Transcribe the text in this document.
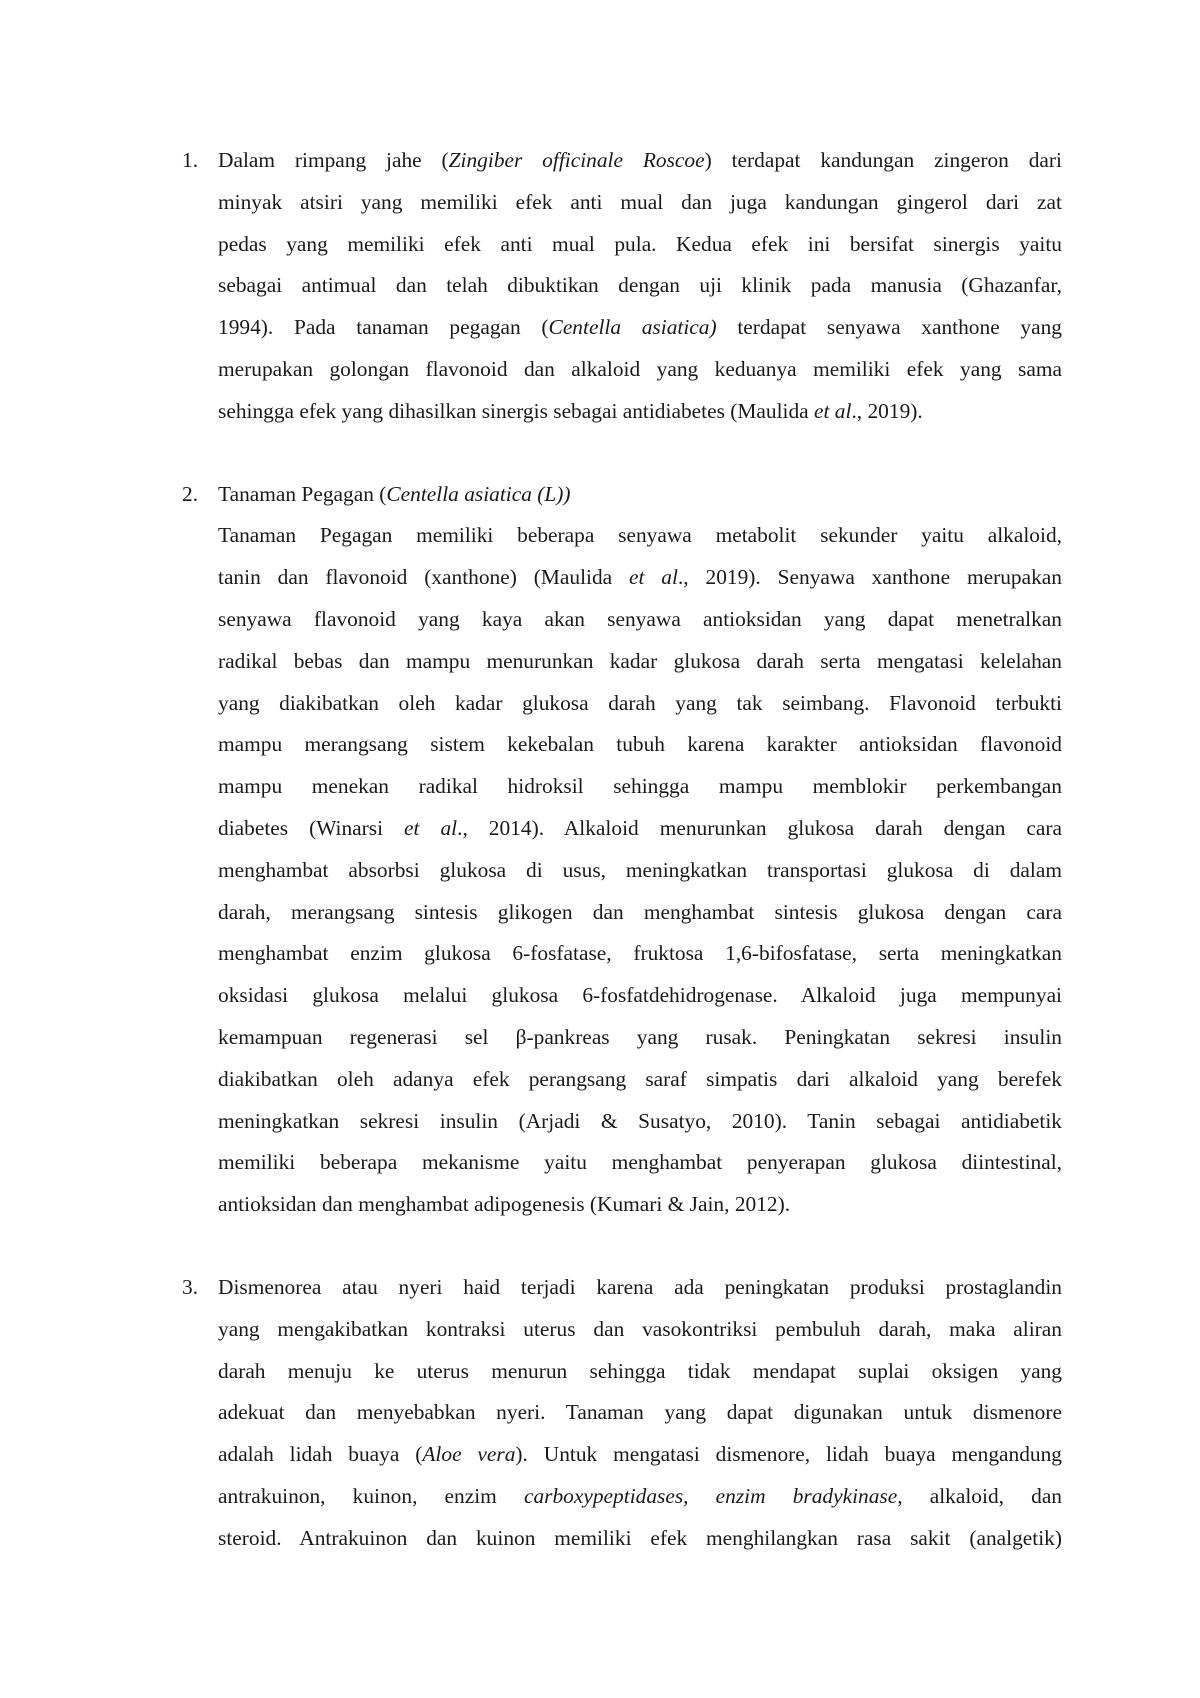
1. Dalam rimpang jahe (Zingiber officinale Roscoe) terdapat kandungan zingeron dari
minyak atsiri yang memiliki efek anti mual dan juga kandungan gingerol dari zat
pedas yang memiliki efek anti mual pula. Kedua efek ini bersifat sinergis yaitu
sebagai antimual dan telah dibuktikan dengan uji klinik pada manusia (Ghazanfar,
1994). Pada tanaman pegagan (Centella asiatica) terdapat senyawa xanthone yang
merupakan golongan flavonoid dan alkaloid yang keduanya memiliki efek yang sama
sehingga efek yang dihasilkan sinergis sebagai antidiabetes (Maulida et al., 2019).
2. Tanaman Pegagan (Centella asiatica (L))
Tanaman Pegagan memiliki beberapa senyawa metabolit sekunder yaitu alkaloid,
tanin dan flavonoid (xanthone) (Maulida et al., 2019). Senyawa xanthone merupakan
senyawa flavonoid yang kaya akan senyawa antioksidan yang dapat menetralkan
radikal bebas dan mampu menurunkan kadar glukosa darah serta mengatasi kelelahan
yang diakibatkan oleh kadar glukosa darah yang tak seimbang. Flavonoid terbukti
mampu merangsang sistem kekebalan tubuh karena karakter antioksidan flavonoid
mampu menekan radikal hidroksil sehingga mampu memblokir perkembangan
diabetes (Winarsi et al., 2014). Alkaloid menurunkan glukosa darah dengan cara
menghambat absorbsi glukosa di usus, meningkatkan transportasi glukosa di dalam
darah, merangsang sintesis glikogen dan menghambat sintesis glukosa dengan cara
menghambat enzim glukosa 6-fosfatase, fruktosa 1,6-bifosfatase, serta meningkatkan
oksidasi glukosa melalui glukosa 6-fosfatdehidrogenase. Alkaloid juga mempunyai
kemampuan regenerasi sel β-pankreas yang rusak. Peningkatan sekresi insulin
diakibatkan oleh adanya efek perangsang saraf simpatis dari alkaloid yang berefek
meningkatkan sekresi insulin (Arjadi & Susatyo, 2010). Tanin sebagai antidiabetik
memiliki beberapa mekanisme yaitu menghambat penyerapan glukosa diintestinal,
antioksidan dan menghambat adipogenesis (Kumari & Jain, 2012).
3. Dismenorea atau nyeri haid terjadi karena ada peningkatan produksi prostaglandin
yang mengakibatkan kontraksi uterus dan vasokontriksi pembuluh darah, maka aliran
darah menuju ke uterus menurun sehingga tidak mendapat suplai oksigen yang
adekuat dan menyebabkan nyeri. Tanaman yang dapat digunakan untuk dismenore
adalah lidah buaya (Aloe vera). Untuk mengatasi dismenore, lidah buaya mengandung
antrakuinon, kuinon, enzim carboxypeptidases, enzim bradykinase, alkaloid, dan
steroid. Antrakuinon dan kuinon memiliki efek menghilangkan rasa sakit (analgetik)
